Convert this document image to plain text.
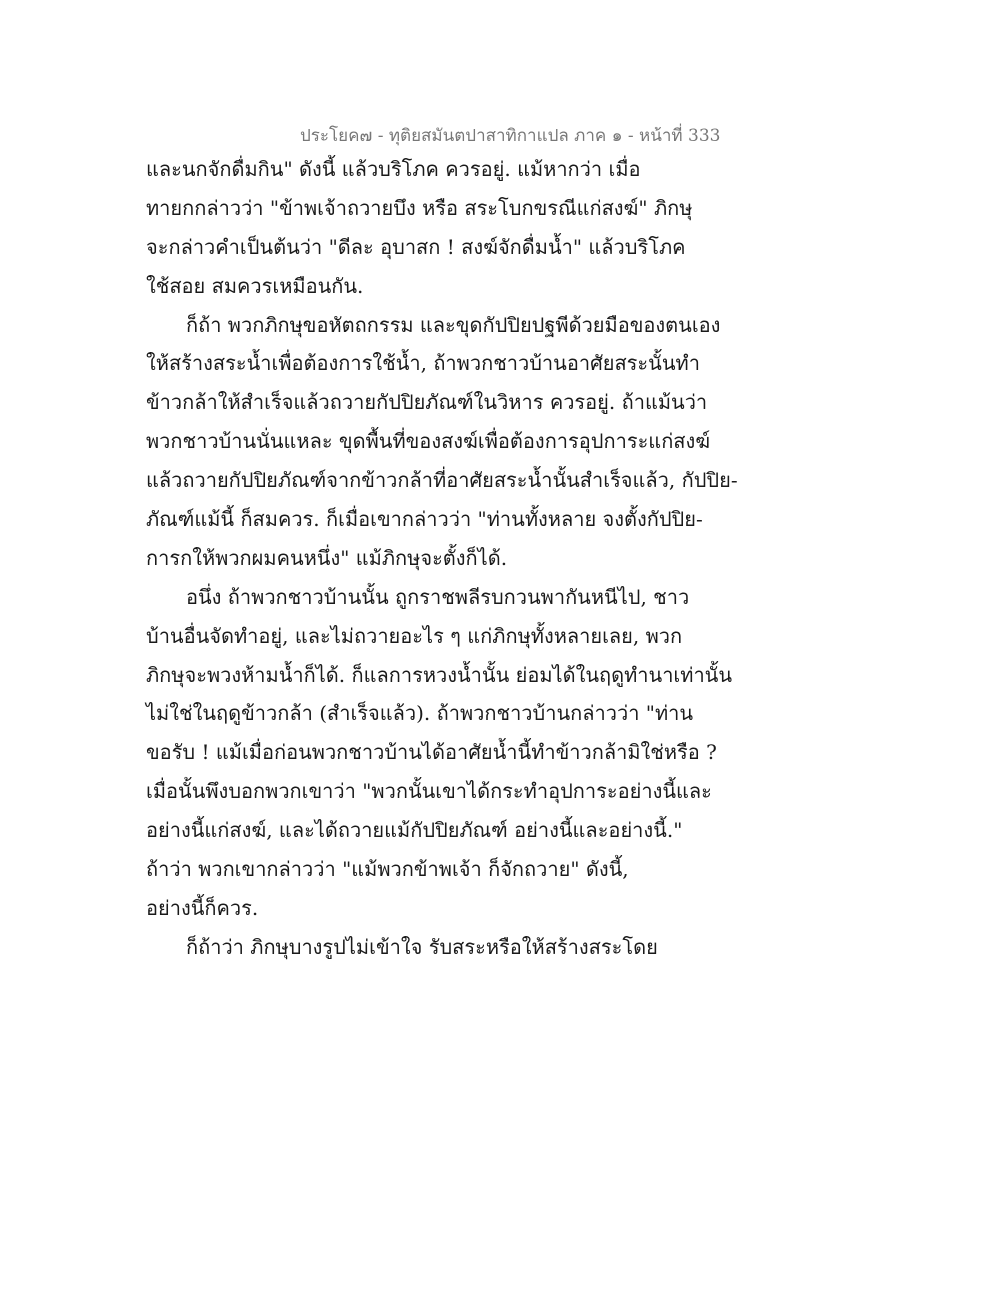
ประโยค๗ - ทุติยสมันตปาสาทิกาแปล ภาค ๑ - หน้าที่ 333
และนกจักดื่มกิน" ดังนี้ แล้วบริโภค ควรอยู่. แม้หากว่า เมื่อ
ทายกกล่าวว่า "ข้าพเจ้าถวายบึง หรือ สระโบกขรณีแก่สงฆ์" ภิกษุ
จะกล่าวคำเป็นต้นว่า "ดีละ อุบาสก ! สงฆ์จักดื่มน้ำ" แล้วบริโภค
ใช้สอย สมควรเหมือนกัน.
ก็ถ้า พวกภิกษุขอหัตถกรรม และขุดกัปปิยปฐพีด้วยมือของตนเอง
ให้สร้างสระน้ำเพื่อต้องการใช้น้ำ, ถ้าพวกชาวบ้านอาศัยสระนั้นทำ
ข้าวกล้าให้สำเร็จแล้วถวายกัปปิยภัณฑ์ในวิหาร ควรอยู่. ถ้าแม้นว่า
พวกชาวบ้านนั่นแหละ ขุดพื้นที่ของสงฆ์เพื่อต้องการอุปการะแก่สงฆ์
แล้วถวายกัปปิยภัณฑ์จากข้าวกล้าที่อาศัยสระน้ำนั้นสำเร็จแล้ว, กัปปิย-
ภัณฑ์แม้นี้ ก็สมควร. ก็เมื่อเขากล่าวว่า "ท่านทั้งหลาย จงตั้งกัปปิย-
การกให้พวกผมคนหนึ่ง" แม้ภิกษุจะตั้งก็ได้.
อนึ่ง ถ้าพวกชาวบ้านนั้น ถูกราชพลีรบกวนพากันหนีไป, ชาว
บ้านอื่นจัดทำอยู่, และไม่ถวายอะไร ๆ แก่ภิกษุทั้งหลายเลย, พวก
ภิกษุจะพวงห้ามน้ำก็ได้. ก็แลการหวงน้ำนั้น ย่อมได้ในฤดูทำนาเท่านั้น
ไม่ใช่ในฤดูข้าวกล้า (สำเร็จแล้ว). ถ้าพวกชาวบ้านกล่าวว่า "ท่าน
ขอรับ ! แม้เมื่อก่อนพวกชาวบ้านได้อาศัยน้ำนี้ทำข้าวกล้ามิใช่หรือ ?
เมื่อนั้นพึงบอกพวกเขาว่า "พวกนั้นเขาได้กระทำอุปการะอย่างนี้และ
อย่างนี้แก่สงฆ์, และได้ถวายแม้กัปปิยภัณฑ์ อย่างนี้และอย่างนี้."
ถ้าว่า พวกเขากล่าวว่า "แม้พวกข้าพเจ้า ก็จักถวาย" ดังนี้,
อย่างนี้ก็ควร.
ก็ถ้าว่า ภิกษุบางรูปไม่เข้าใจ รับสระหรือให้สร้างสระโดย
